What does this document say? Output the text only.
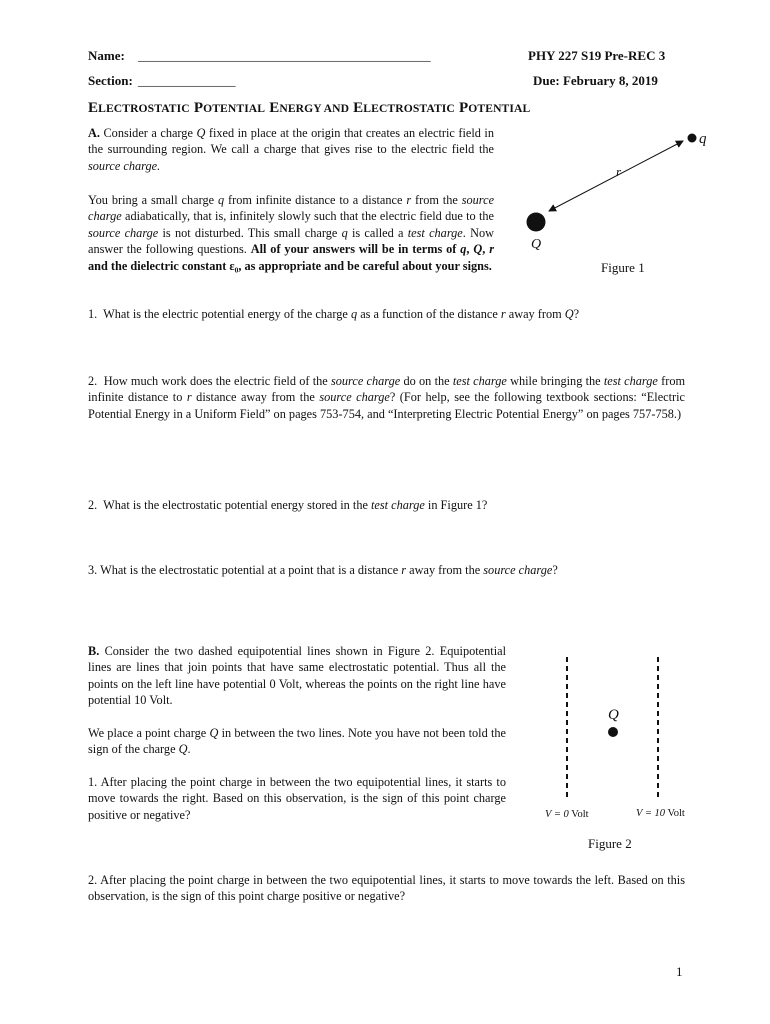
Name: _____________________________________________	PHY 227 S19 Pre-REC 3
Section: _______________	Due: February 8, 2019
ELECTROSTATIC POTENTIAL ENERGY AND ELECTROSTATIC POTENTIAL
A. Consider a charge Q fixed in place at the origin that creates an electric field in the surrounding region. We call a charge that gives rise to the electric field the source charge.
You bring a small charge q from infinite distance to a distance r from the source charge adiabatically, that is, infinitely slowly such that the electric field due to the source charge is not disturbed. This small charge q is called a test charge. Now answer the following questions. All of your answers will be in terms of q, Q, r and the dielectric constant ε₀, as appropriate and be careful about your signs.
q
r
Q
Figure 1
1. What is the electric potential energy of the charge q as a function of the distance r away from Q?
2. How much work does the electric field of the source charge do on the test charge while bringing the test charge from infinite distance to r distance away from the source charge? (For help, see the following textbook sections: “Electric Potential Energy in a Uniform Field” on pages 753-754, and “Interpreting Electric Potential Energy” on pages 757-758.)
2. What is the electrostatic potential energy stored in the test charge in Figure 1?
3. What is the electrostatic potential at a point that is a distance r away from the source charge?
B. Consider the two dashed equipotential lines shown in Figure 2. Equipotential lines are lines that join points that have same electrostatic potential. Thus all the points on the left line have potential 0 Volt, whereas the points on the right line have potential 10 Volt.
We place a point charge Q in between the two lines. Note you have not been told the sign of the charge Q.
1. After placing the point charge in between the two equipotential lines, it starts to move towards the right. Based on this observation, is the sign of this point charge positive or negative?
Q
V = 0 Volt	V = 10 Volt
Figure 2
2. After placing the point charge in between the two equipotential lines, it starts to move towards the left. Based on this observation, is the sign of this point charge positive or negative?
1
